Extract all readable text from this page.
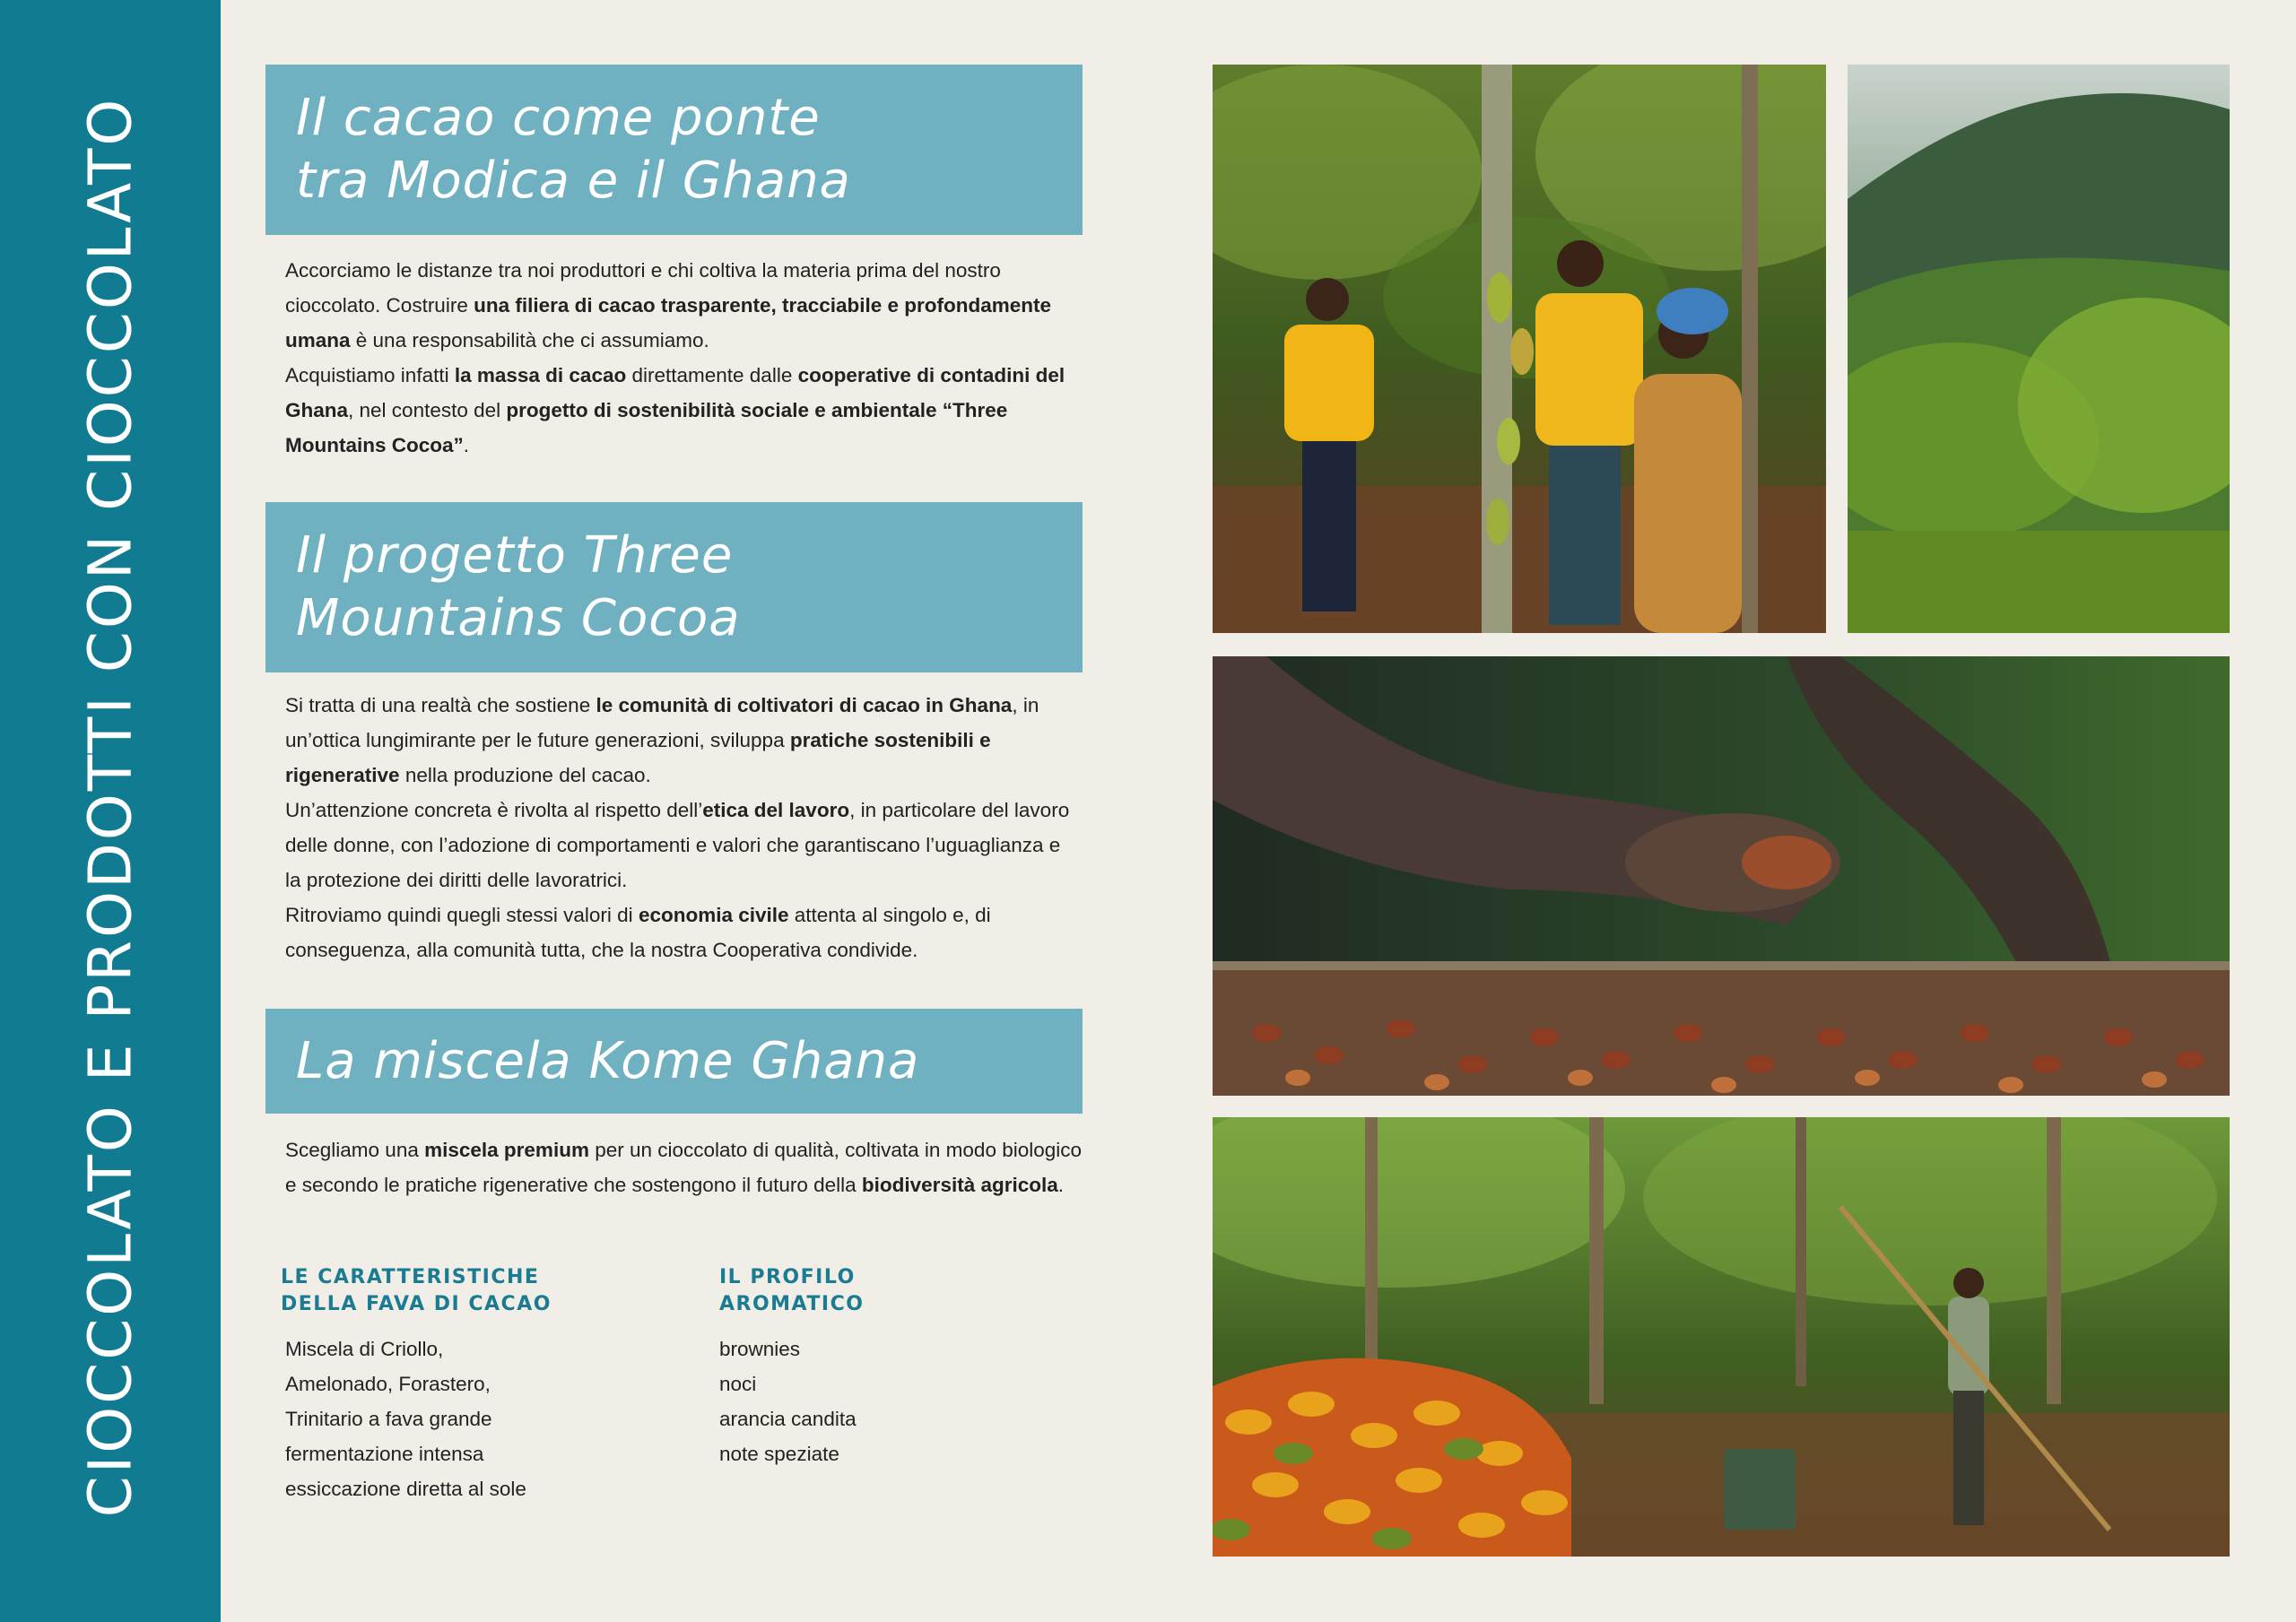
CIOCCOLATO E PRODOTTI CON CIOCCOLATO	Il cacao come ponte
tra Modica e il Ghana

Accorciamo le distanze tra noi produttori e chi coltiva la materia prima del nostro cioccolato. Costruire una filiera di cacao trasparente, tracciabile e profondamente umana è una responsabilità che ci assumiamo.

Acquistiamo infatti la massa di cacao direttamente dalle cooperative di contadini del Ghana, nel contesto del progetto di sostenibilità sociale e ambientale “Three Mountains Cocoa”.

Il progetto Three
Mountains Cocoa

Si tratta di una realtà che sostiene le comunità di coltivatori di cacao in Ghana, in un’ottica lungimirante per le future generazioni, sviluppa pratiche sostenibili e rigenerative nella produzione del cacao.

Un’attenzione concreta è rivolta al rispetto dell’etica del lavoro, in particolare del lavoro delle donne, con l’adozione di comportamenti e valori che garantiscano l’uguaglianza e la protezione dei diritti delle lavoratrici.

Ritroviamo quindi quegli stessi valori di economia civile attenta al singolo e, di conseguenza, alla comunità tutta, che la nostra Cooperativa condivide.

La miscela Kome Ghana

Scegliamo una miscela premium per un cioccolato di qualità, coltivata in modo biologico e secondo le pratiche rigenerative che sostengono il futuro della biodiversità agricola.

LE CARATTERISTICHE
DELLA FAVA DI CACAO
Miscela di Criollo,
Amelonado, Forastero,
Trinitario a fava grande
fermentazione intensa
essiccazione diretta al sole
IL PROFILO
AROMATICO
brownies
noci
arancia candita
note speziate
